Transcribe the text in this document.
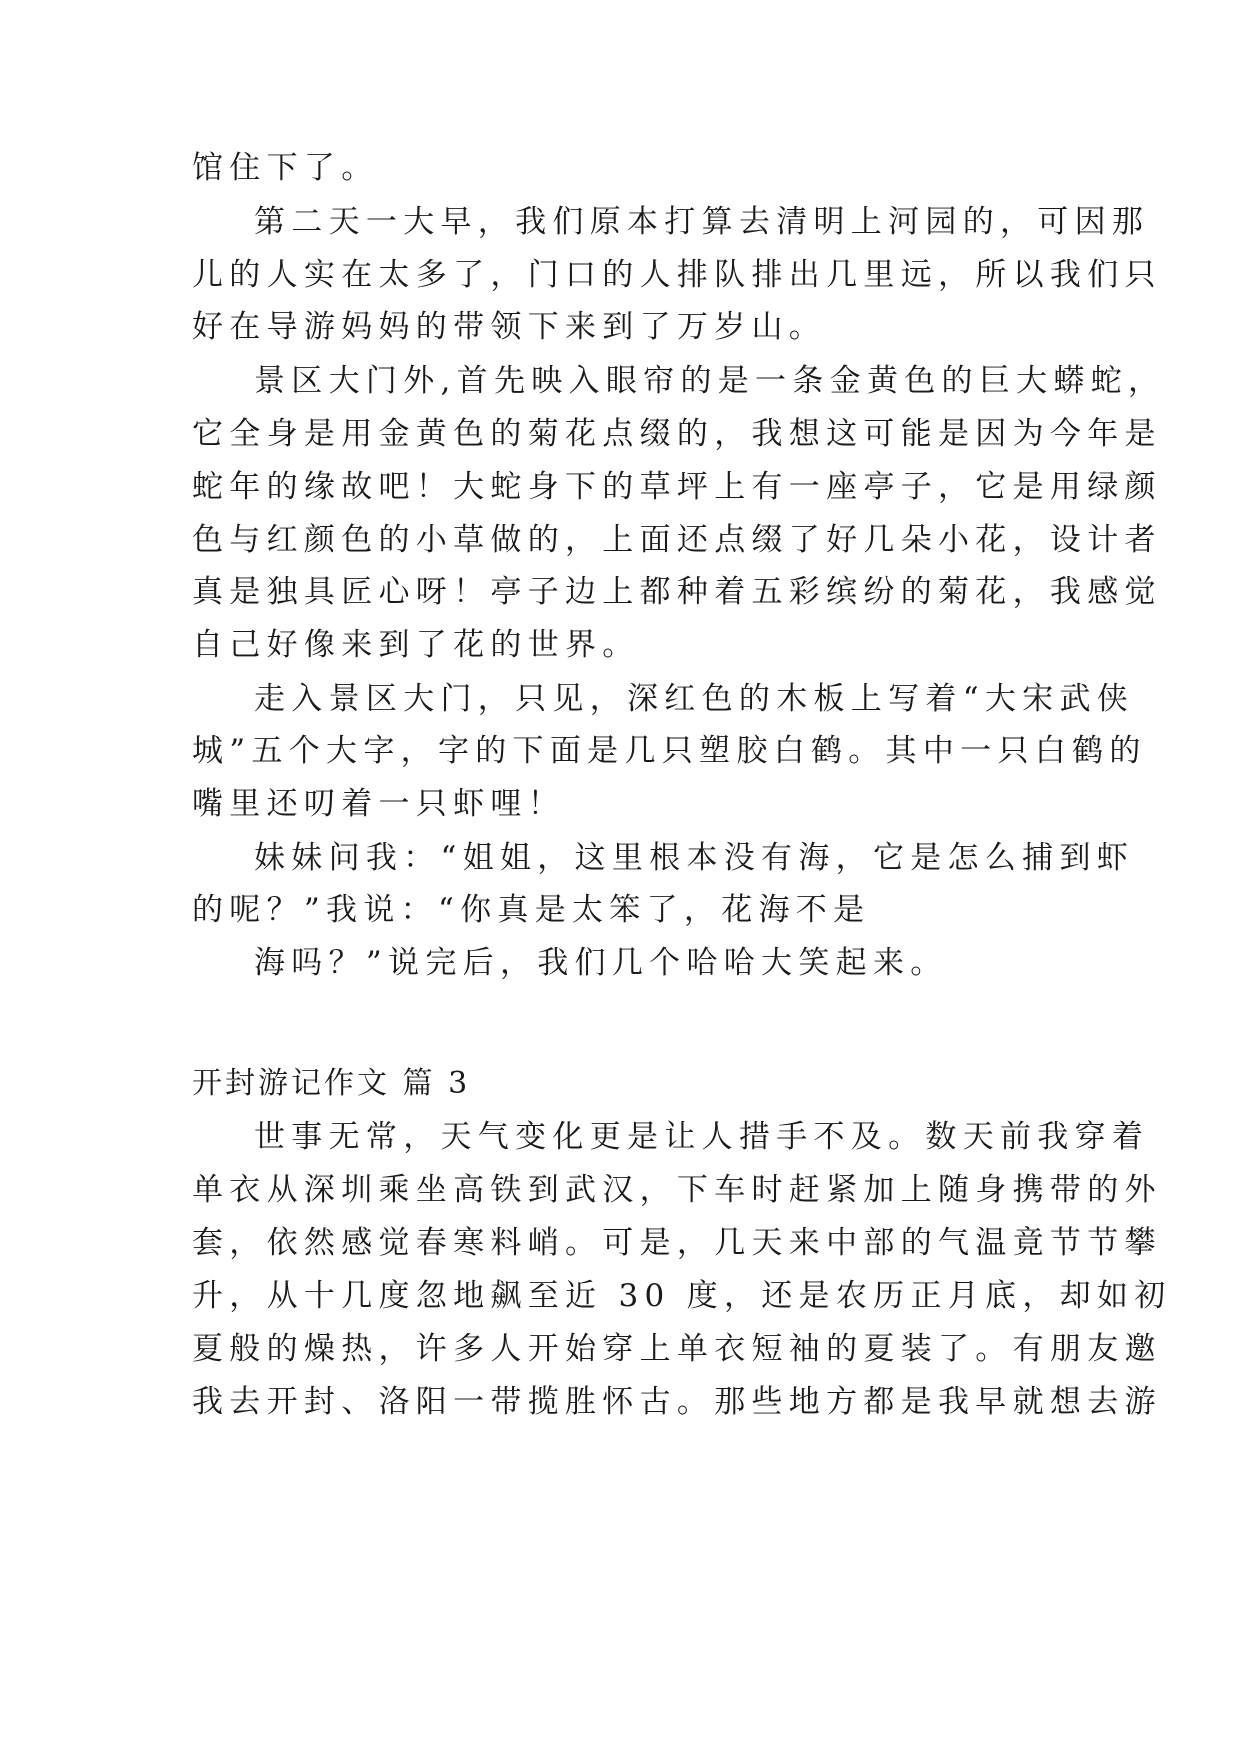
馆住下了。
第二天一大早，我们原本打算去清明上河园的，可因那
儿的人实在太多了，门口的人排队排出几里远，所以我们只
好在导游妈妈的带领下来到了万岁山。
景区大门外,首先映入眼帘的是一条金黄色的巨大蟒蛇，
它全身是用金黄色的菊花点缀的，我想这可能是因为今年是
蛇年的缘故吧！大蛇身下的草坪上有一座亭子，它是用绿颜
色与红颜色的小草做的，上面还点缀了好几朵小花，设计者
真是独具匠心呀！亭子边上都种着五彩缤纷的菊花，我感觉
自己好像来到了花的世界。
走入景区大门，只见，深红色的木板上写着“大宋武侠
城”五个大字，字的下面是几只塑胶白鹤。其中一只白鹤的
嘴里还叨着一只虾哩！
妹妹问我：“姐姐，这里根本没有海，它是怎么捕到虾
的呢？”我说：“你真是太笨了，花海不是
海吗？”说完后，我们几个哈哈大笑起来。
开封游记作文 篇 3
世事无常，天气变化更是让人措手不及。数天前我穿着
单衣从深圳乘坐高铁到武汉，下车时赶紧加上随身携带的外
套，依然感觉春寒料峭。可是，几天来中部的气温竟节节攀
升，从十几度忽地飙至近 30 度，还是农历正月底，却如初
夏般的燥热，许多人开始穿上单衣短袖的夏装了。有朋友邀
我去开封、洛阳一带揽胜怀古。那些地方都是我早就想去游
